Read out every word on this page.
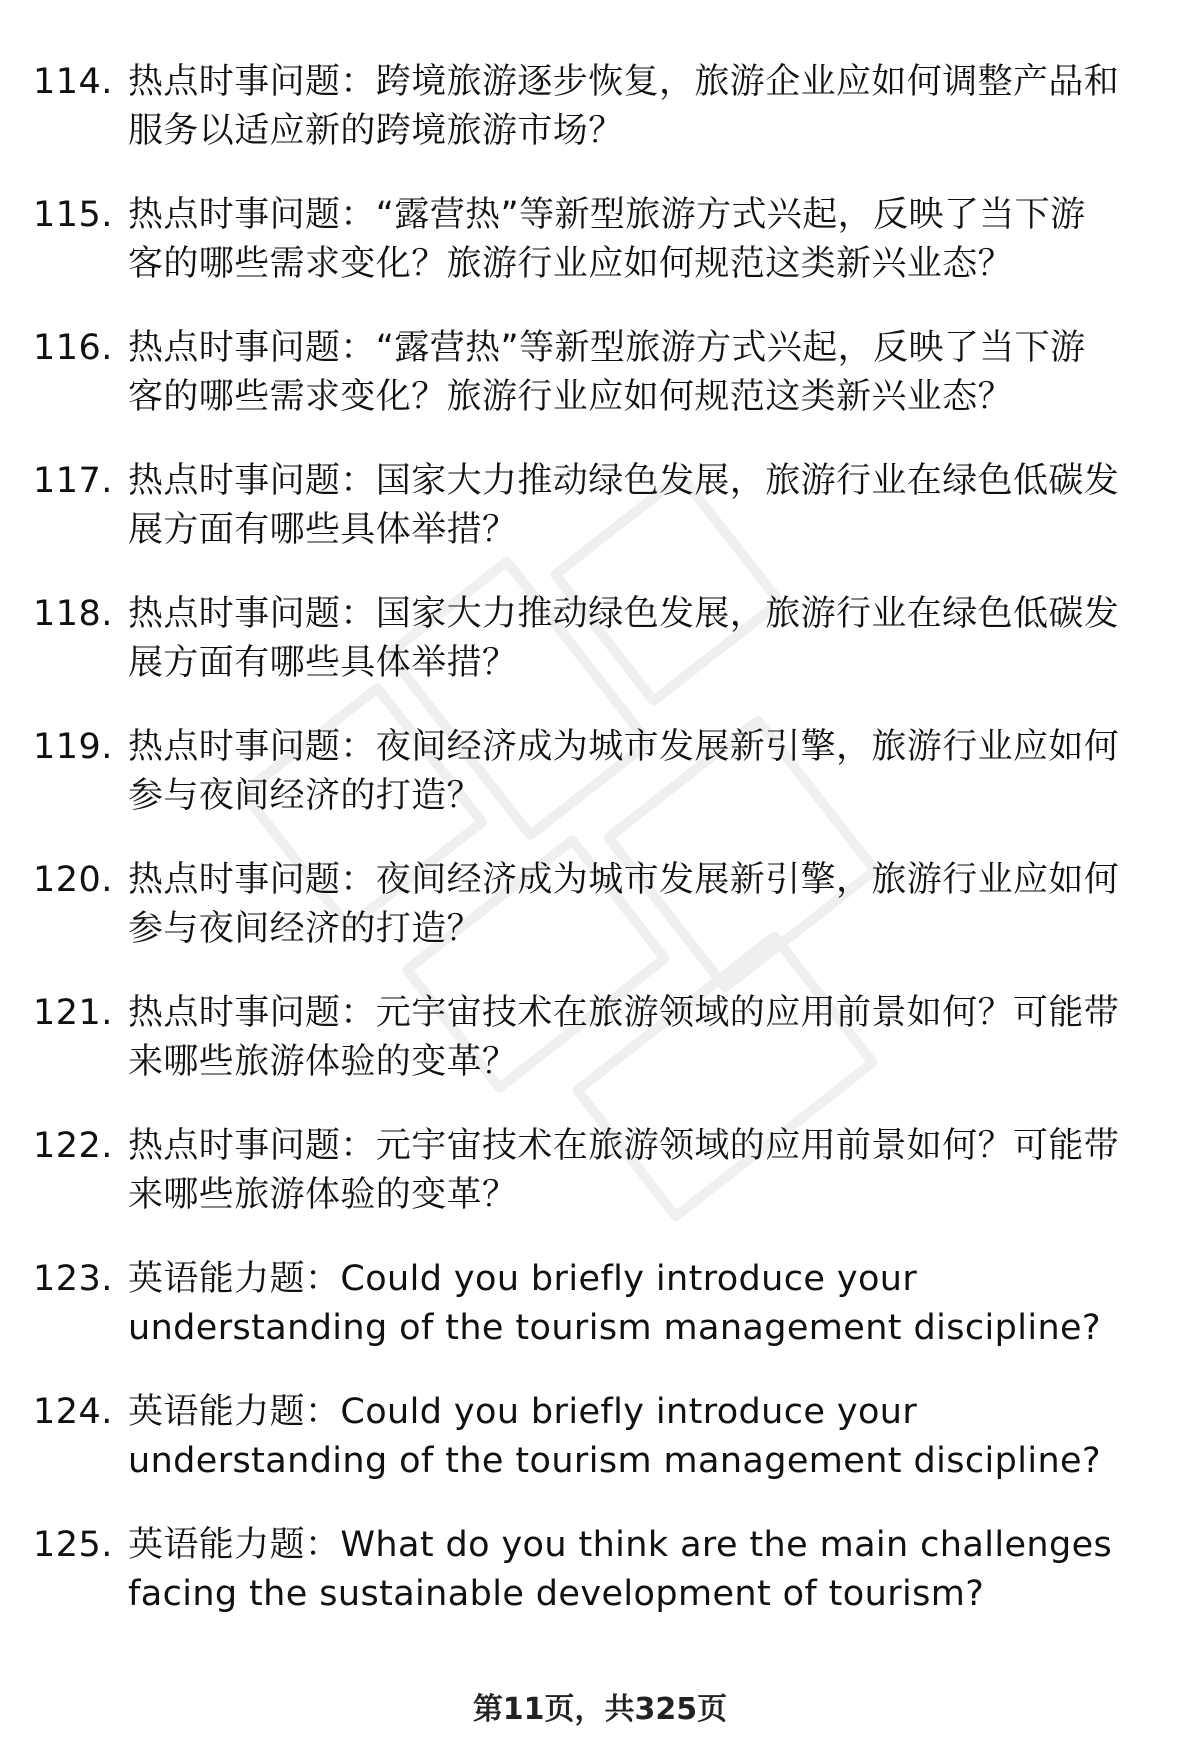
114. 热点时事问题：跨境旅游逐步恢复，旅游企业应如何调整产品和
服务以适应新的跨境旅游市场？
115. 热点时事问题：“露营热”等新型旅游方式兴起，反映了当下游
客的哪些需求变化？旅游行业应如何规范这类新兴业态？
116. 热点时事问题：“露营热”等新型旅游方式兴起，反映了当下游
客的哪些需求变化？旅游行业应如何规范这类新兴业态？
117. 热点时事问题：国家大力推动绿色发展，旅游行业在绿色低碳发
展方面有哪些具体举措？
118. 热点时事问题：国家大力推动绿色发展，旅游行业在绿色低碳发
展方面有哪些具体举措？
119. 热点时事问题：夜间经济成为城市发展新引擎，旅游行业应如何
参与夜间经济的打造？
120. 热点时事问题：夜间经济成为城市发展新引擎，旅游行业应如何
参与夜间经济的打造？
121. 热点时事问题：元宇宙技术在旅游领域的应用前景如何？可能带
来哪些旅游体验的变革？
122. 热点时事问题：元宇宙技术在旅游领域的应用前景如何？可能带
来哪些旅游体验的变革？
123. 英语能力题：Could you briefly introduce your
understanding of the tourism management discipline?
124. 英语能力题：Could you briefly introduce your
understanding of the tourism management discipline?
125. 英语能力题：What do you think are the main challenges
facing the sustainable development of tourism?
第11页，共325页
